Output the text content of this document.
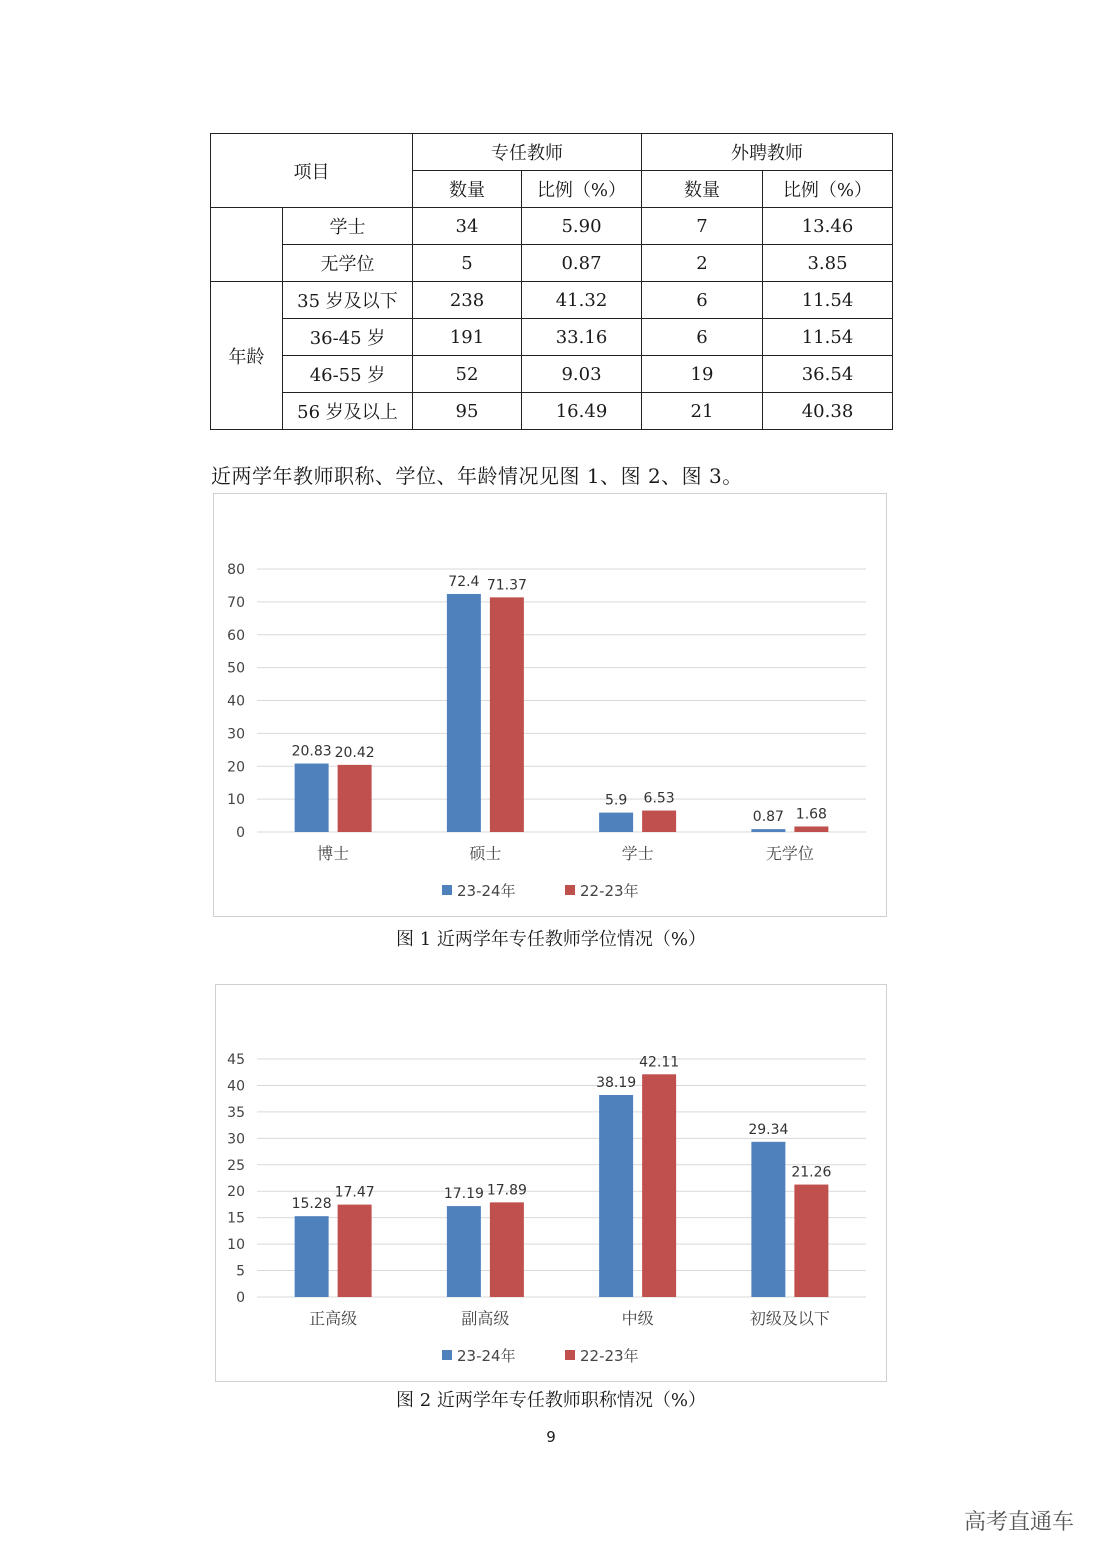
项目		专任教师		外聘教师	
		数量	比例（%）	数量	比例（%）
	学士	34	5.90	7	13.46
	无学位	5	0.87	2	3.85
年龄	35 岁及以下	238	41.32	6	11.54
	36-45 岁	191	33.16	6	11.54
	46-55 岁	52	9.03	19	36.54
	56 岁及以上	95	16.49	21	40.38
近两学年教师职称、学位、年龄情况见图 1、图 2、图 3。
0
10
20
30
40
50
60
70
80
博士
20.83 20.42
硕士
72.4 71.37
学士
5.9 6.53
无学位
0.87 1.68
23-24年	22-23年
图 1 近两学年专任教师学位情况（%）
0
5
10
15
20
25
30
35
40
45
正高级
15.28
17.47
副高级
17.19 17.89
中级
38.19
42.11
初级及以下
29.34
21.26
23-24年	22-23年
图 2 近两学年专任教师职称情况（%）
9
高考直通车
